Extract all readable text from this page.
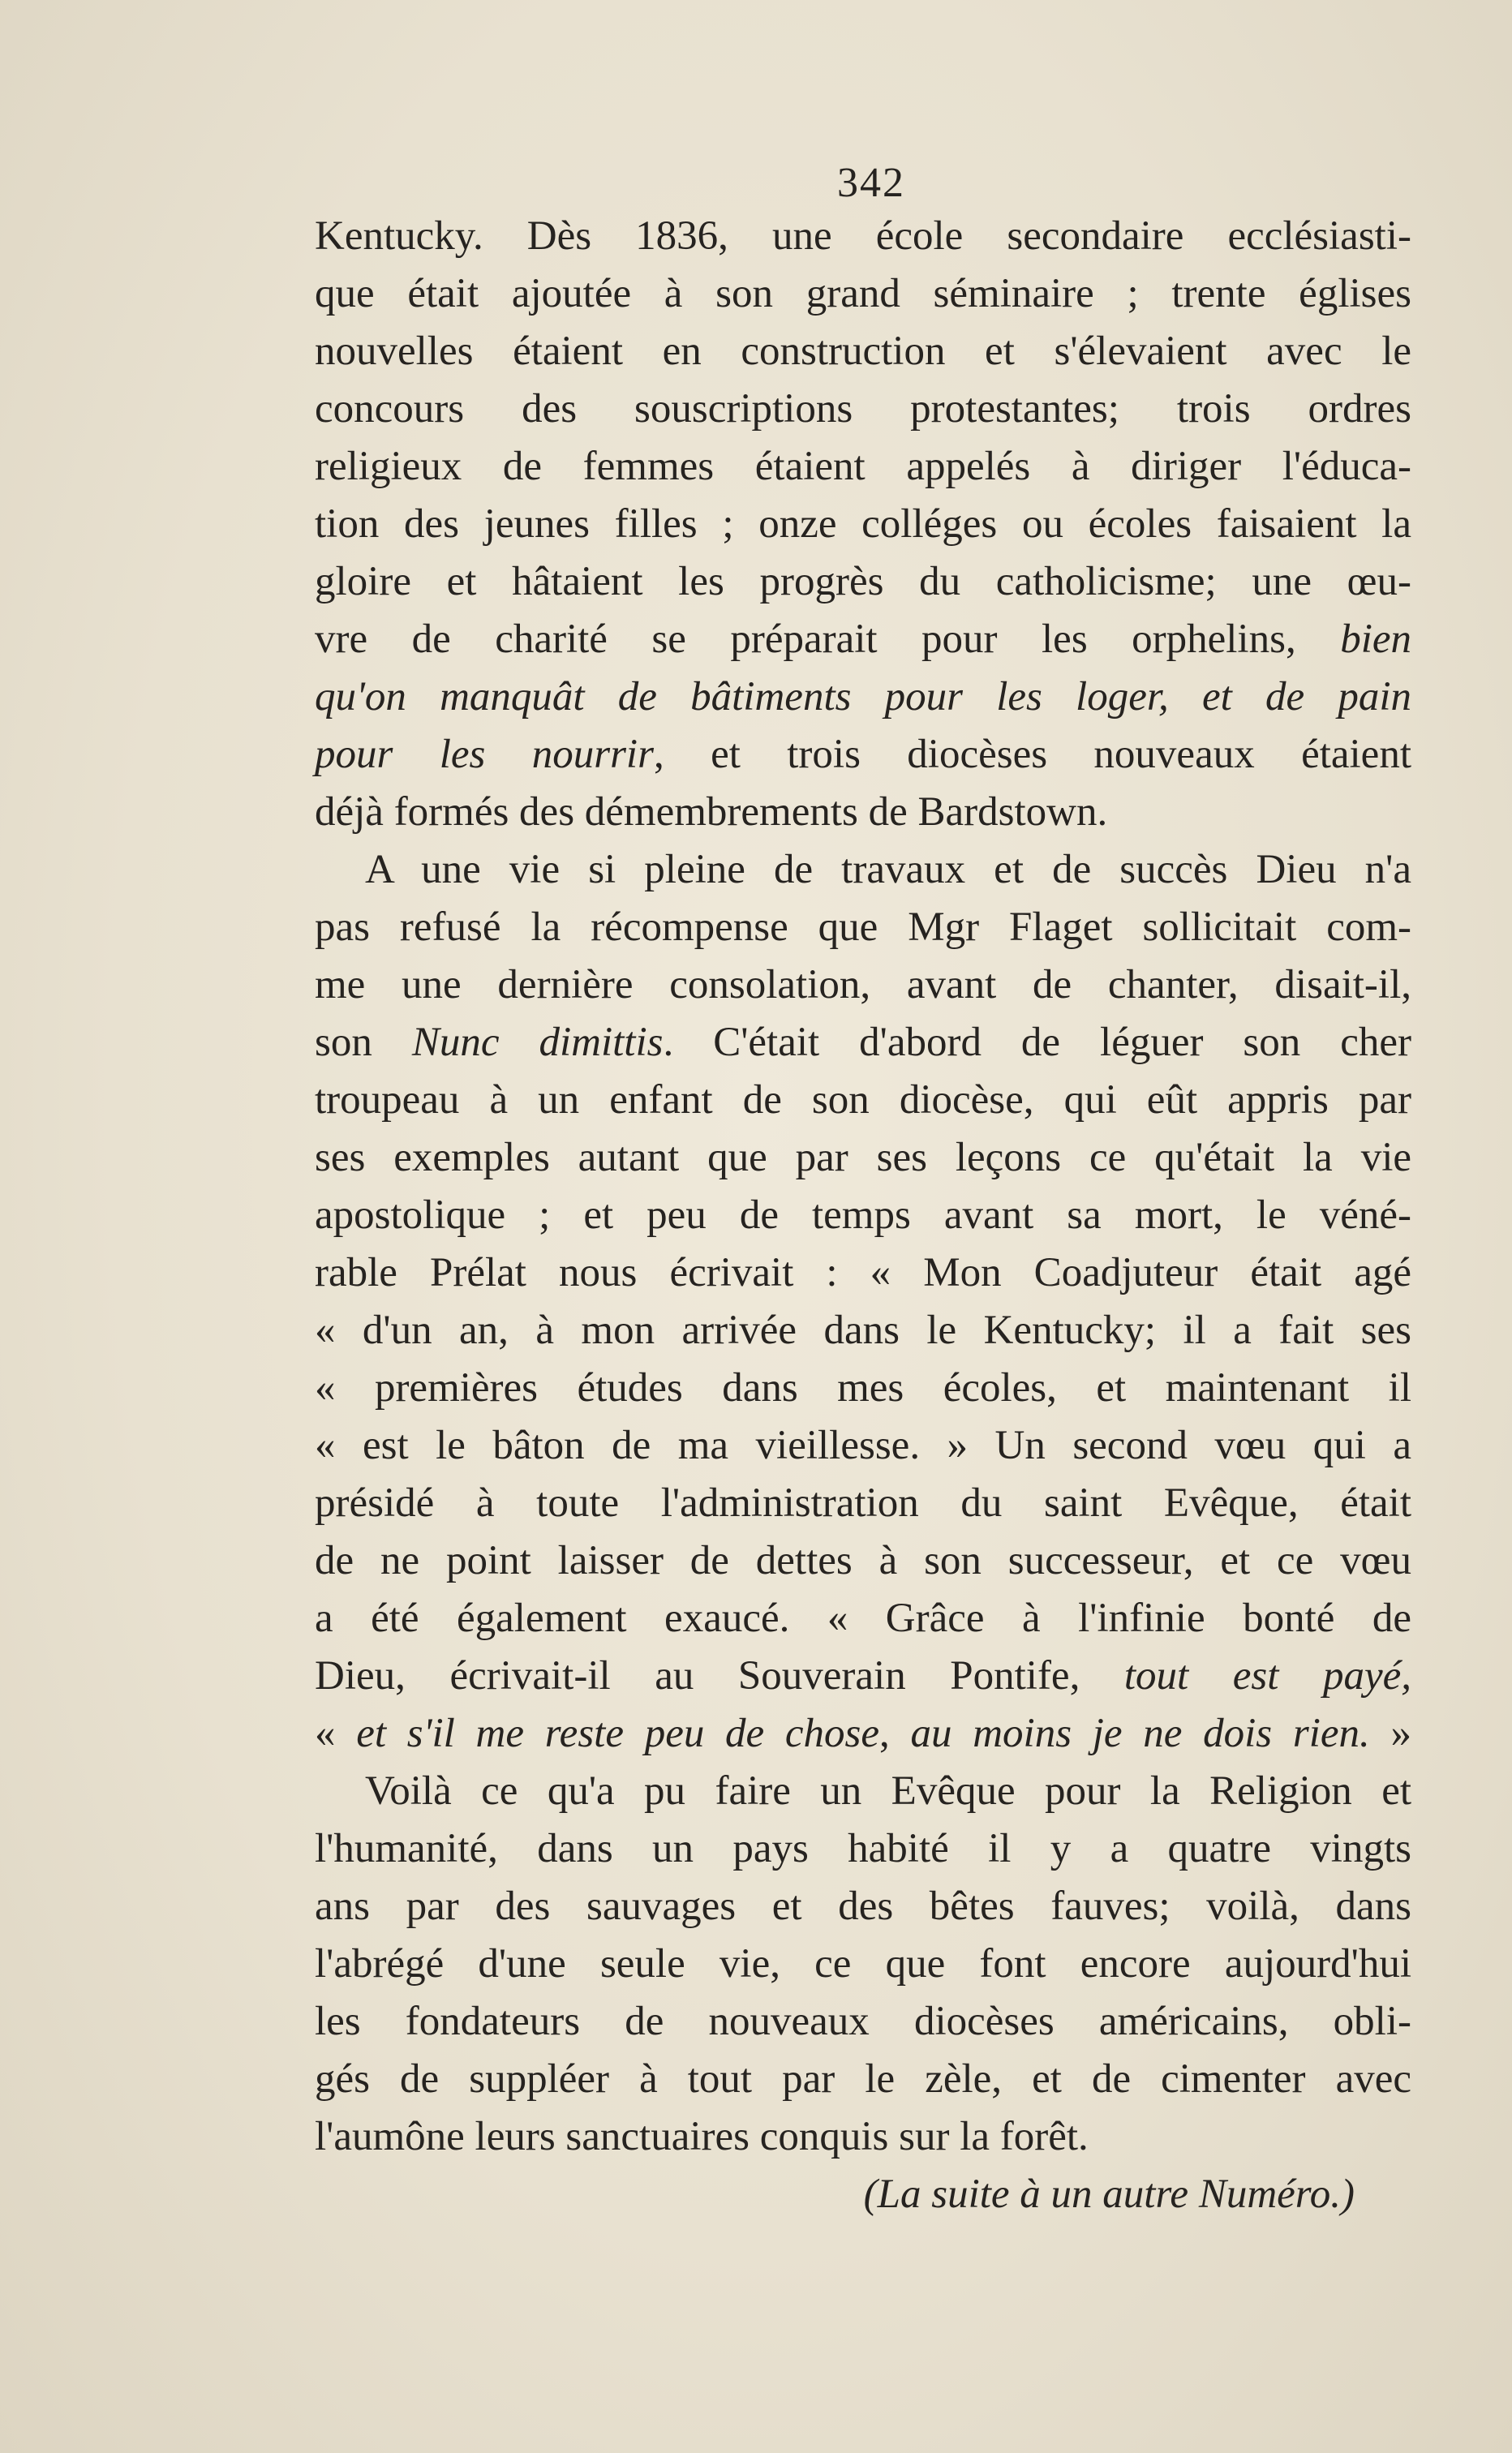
342
Kentucky. Dès 1836, une école secondaire ecclésiasti-
que était ajoutée à son grand séminaire ; trente églises
nouvelles étaient en construction et s'élevaient avec le
concours des souscriptions protestantes; trois ordres
religieux de femmes étaient appelés à diriger l'éduca-
tion des jeunes filles ; onze colléges ou écoles faisaient la
gloire et hâtaient les progrès du catholicisme; une œu-
vre de charité se préparait pour les orphelins, bien
qu'on manquât de bâtiments pour les loger, et de pain
pour les nourrir, et trois diocèses nouveaux étaient
déjà formés des démembrements de Bardstown.
A une vie si pleine de travaux et de succès Dieu n'a
pas refusé la récompense que Mgr Flaget sollicitait com-
me une dernière consolation, avant de chanter, disait-il,
son Nunc dimittis. C'était d'abord de léguer son cher
troupeau à un enfant de son diocèse, qui eût appris par
ses exemples autant que par ses leçons ce qu'était la vie
apostolique ; et peu de temps avant sa mort, le véné-
rable Prélat nous écrivait : « Mon Coadjuteur était agé
« d'un an, à mon arrivée dans le Kentucky; il a fait ses
« premières études dans mes écoles, et maintenant il
« est le bâton de ma vieillesse. » Un second vœu qui a
présidé à toute l'administration du saint Evêque, était
de ne point laisser de dettes à son successeur, et ce vœu
a été également exaucé. « Grâce à l'infinie bonté de
Dieu, écrivait-il au Souverain Pontife, tout est payé,
« et s'il me reste peu de chose, au moins je ne dois rien. »
Voilà ce qu'a pu faire un Evêque pour la Religion et
l'humanité, dans un pays habité il y a quatre vingts
ans par des sauvages et des bêtes fauves; voilà, dans
l'abrégé d'une seule vie, ce que font encore aujourd'hui
les fondateurs de nouveaux diocèses américains, obli-
gés de suppléer à tout par le zèle, et de cimenter avec
l'aumône leurs sanctuaires conquis sur la forêt.
(La suite à un autre Numéro.)
